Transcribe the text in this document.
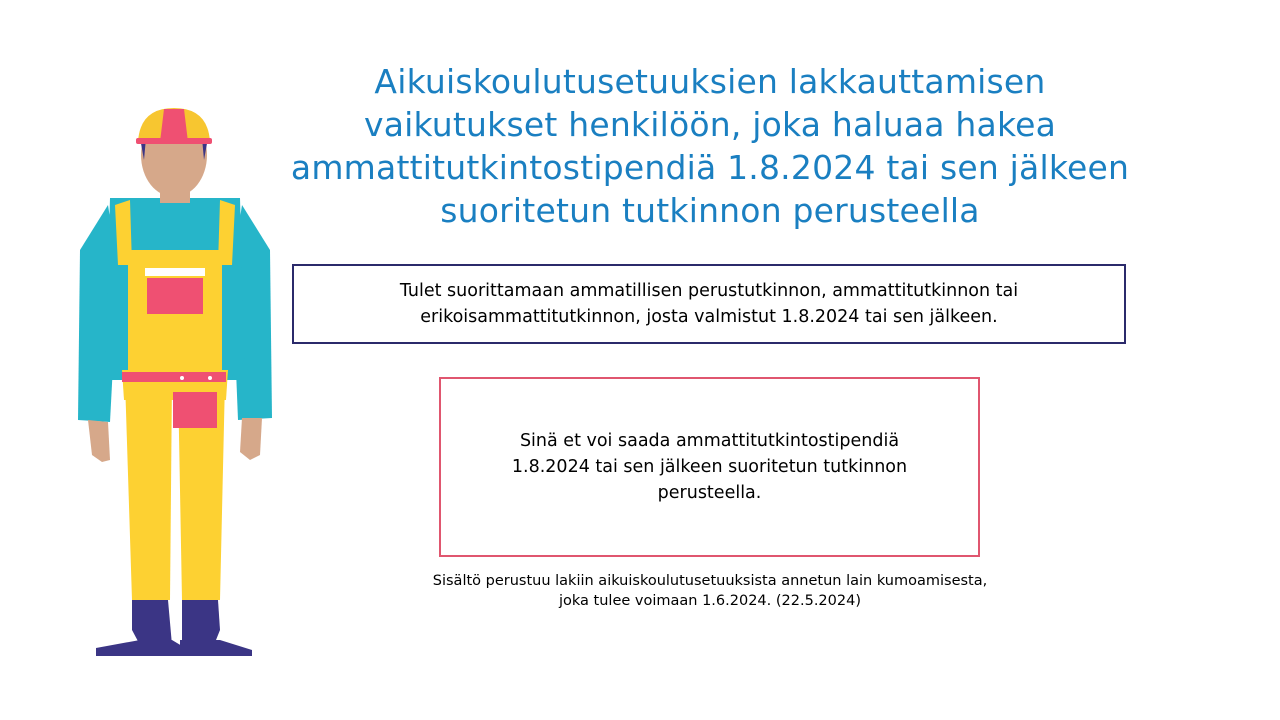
Aikuiskoulutusetuuksien lakkauttamisen
vaikutukset henkilöön, joka haluaa hakea
ammattitutkintostipendiä 1.8.2024 tai sen jälkeen
suoritetun tutkinnon perusteella
Tulet suorittamaan ammatillisen perustutkinnon, ammattitutkinnon tai
erikoisammattitutkinnon, josta valmistut 1.8.2024 tai sen jälkeen.
Sinä et voi saada ammattitutkintostipendiä
1.8.2024 tai sen jälkeen suoritetun tutkinnon
perusteella.
Sisältö perustuu lakiin aikuiskoulutusetuuksista annetun lain kumoamisesta,
joka tulee voimaan 1.6.2024. (22.5.2024)
